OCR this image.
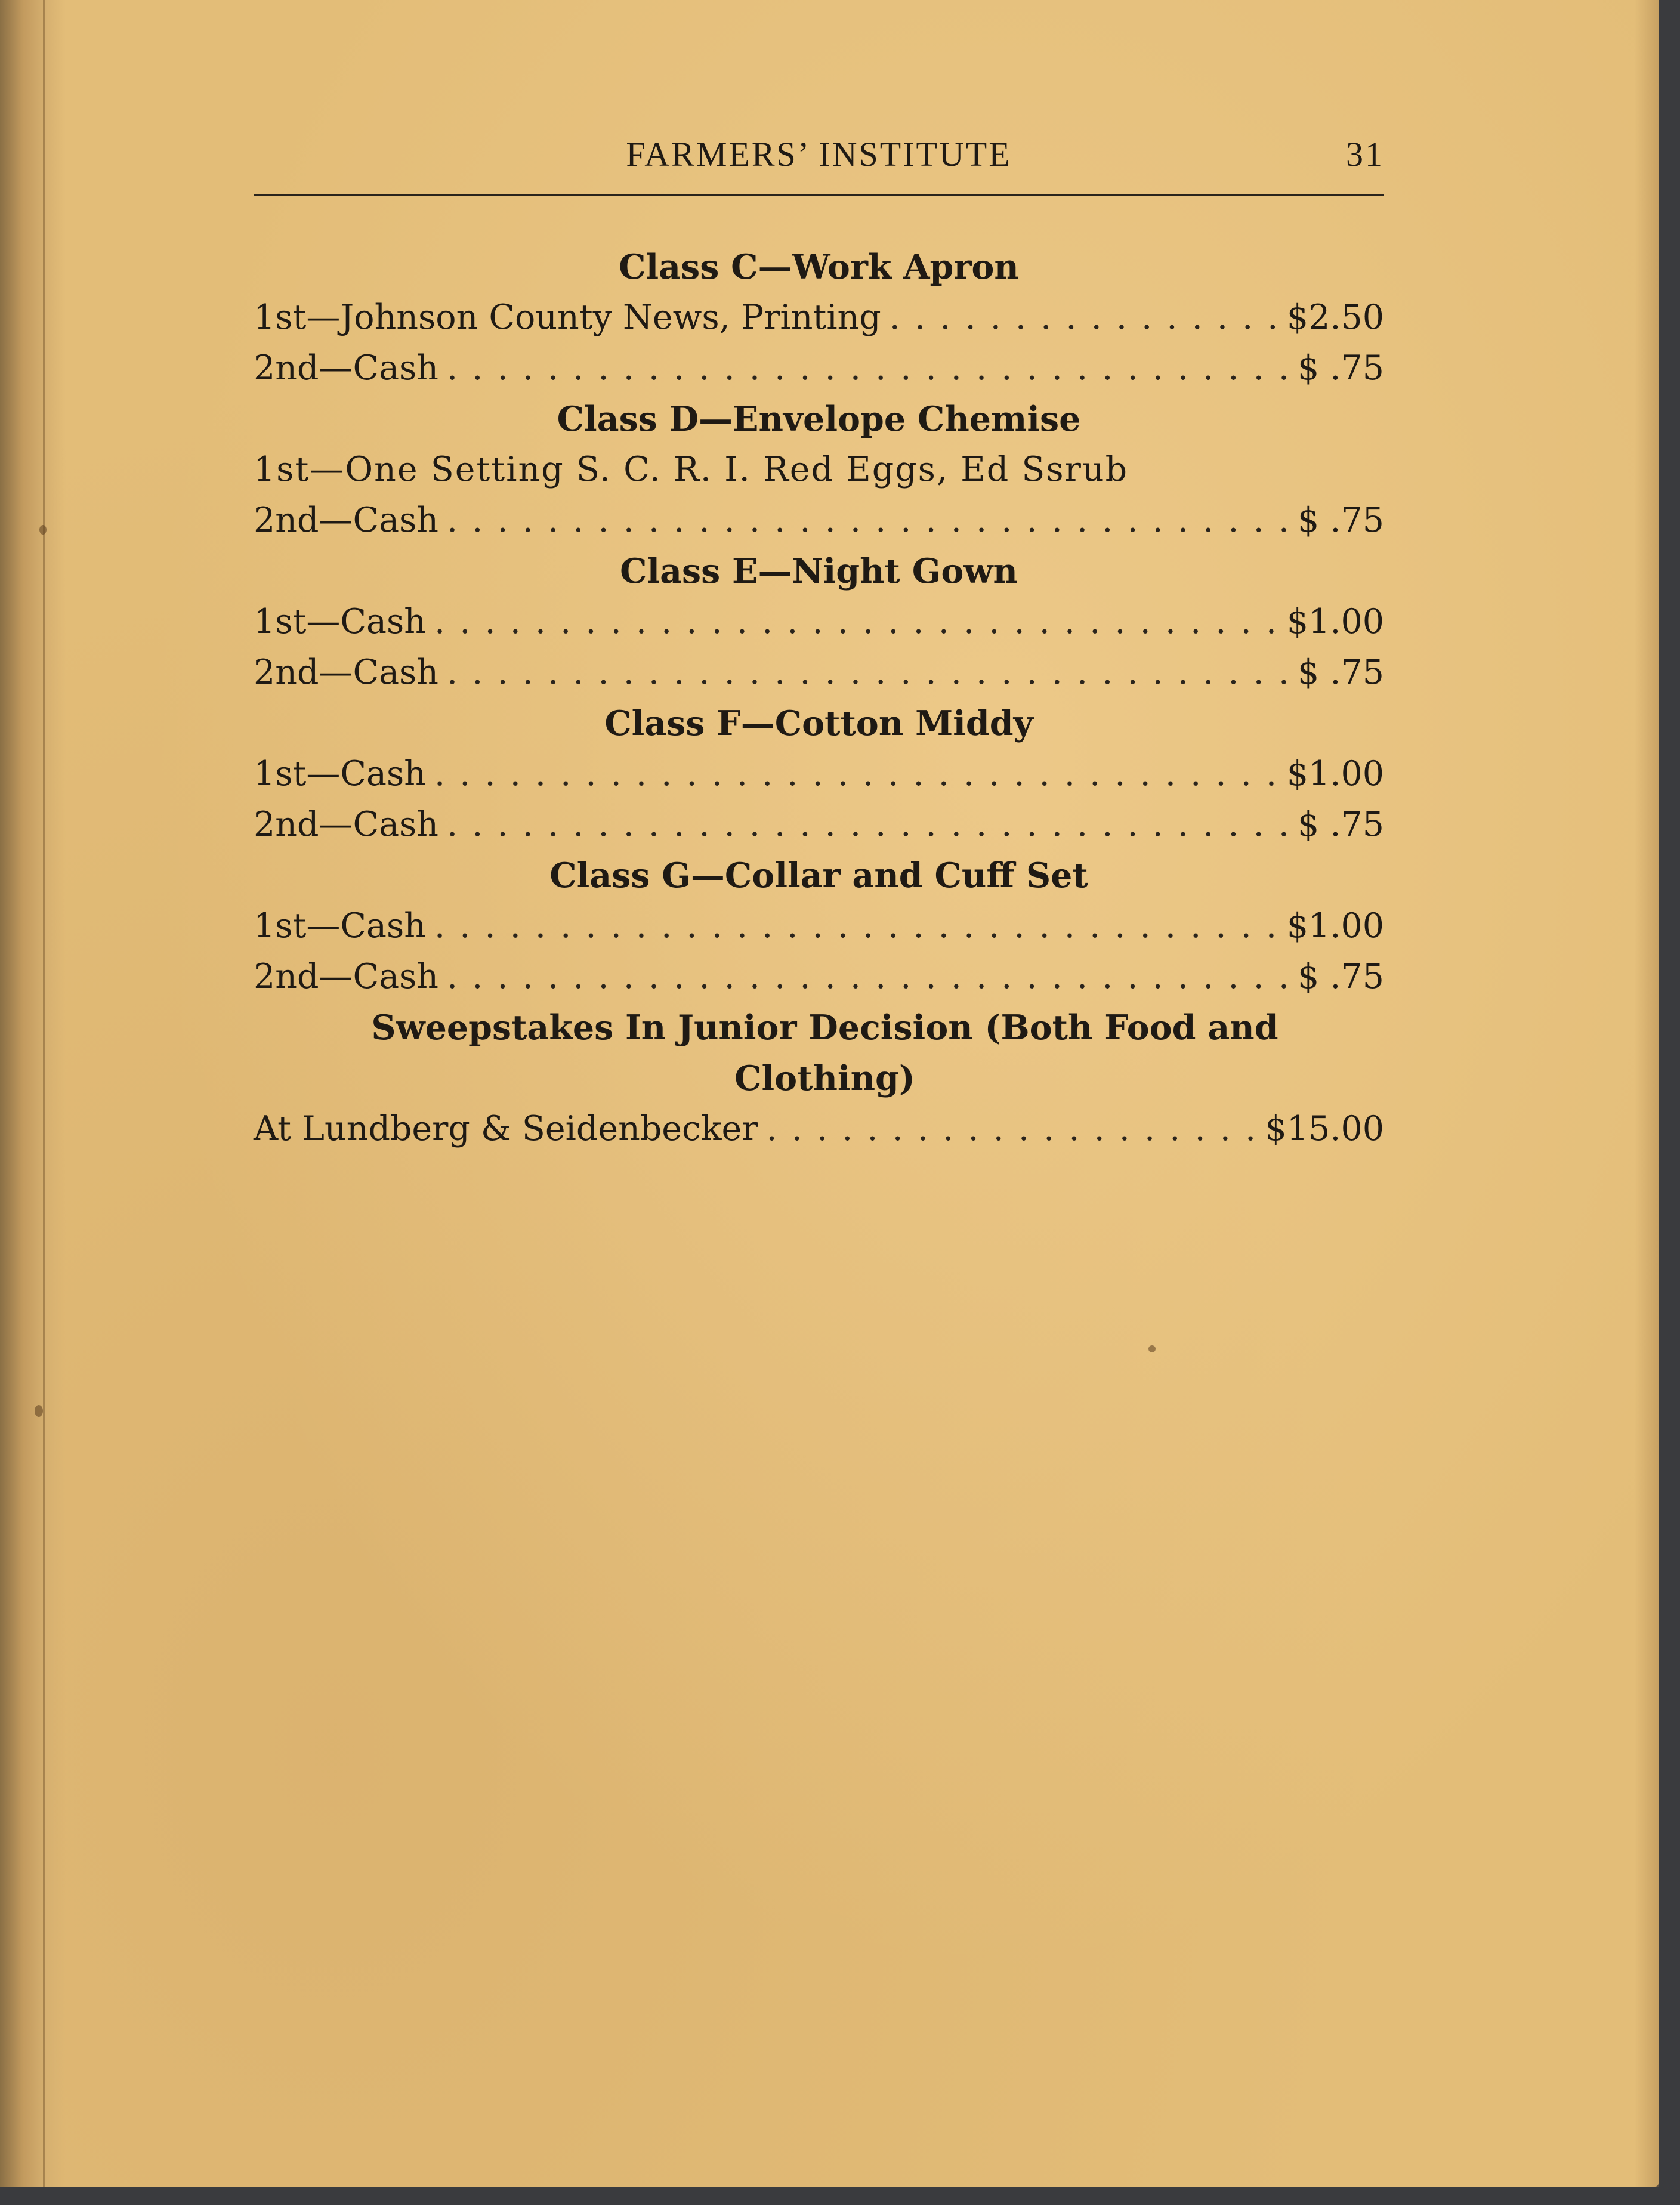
FARMERS’ INSTITUTE	31
Class C—Work Apron
1st—Johnson County News, Printing . . .	$2.50
2nd—Cash . . .	$ .75
Class D—Envelope Chemise
1st—One Setting S. C. R. I. Red Eggs, Ed Ssrub
2nd—Cash . . .	$ .75
Class E—Night Gown
1st—Cash . . .	$1.00
2nd—Cash . . .	$ .75
Class F—Cotton Middy
1st—Cash . . .	$1.00
2nd—Cash . . .	$ .75
Class G—Collar and Cuff Set
1st—Cash . . .	$1.00
2nd—Cash . . .	$ .75
Sweepstakes In Junior Decision (Both Food and Clothing)
At Lundberg & Seidenbecker . . .	$15.00
